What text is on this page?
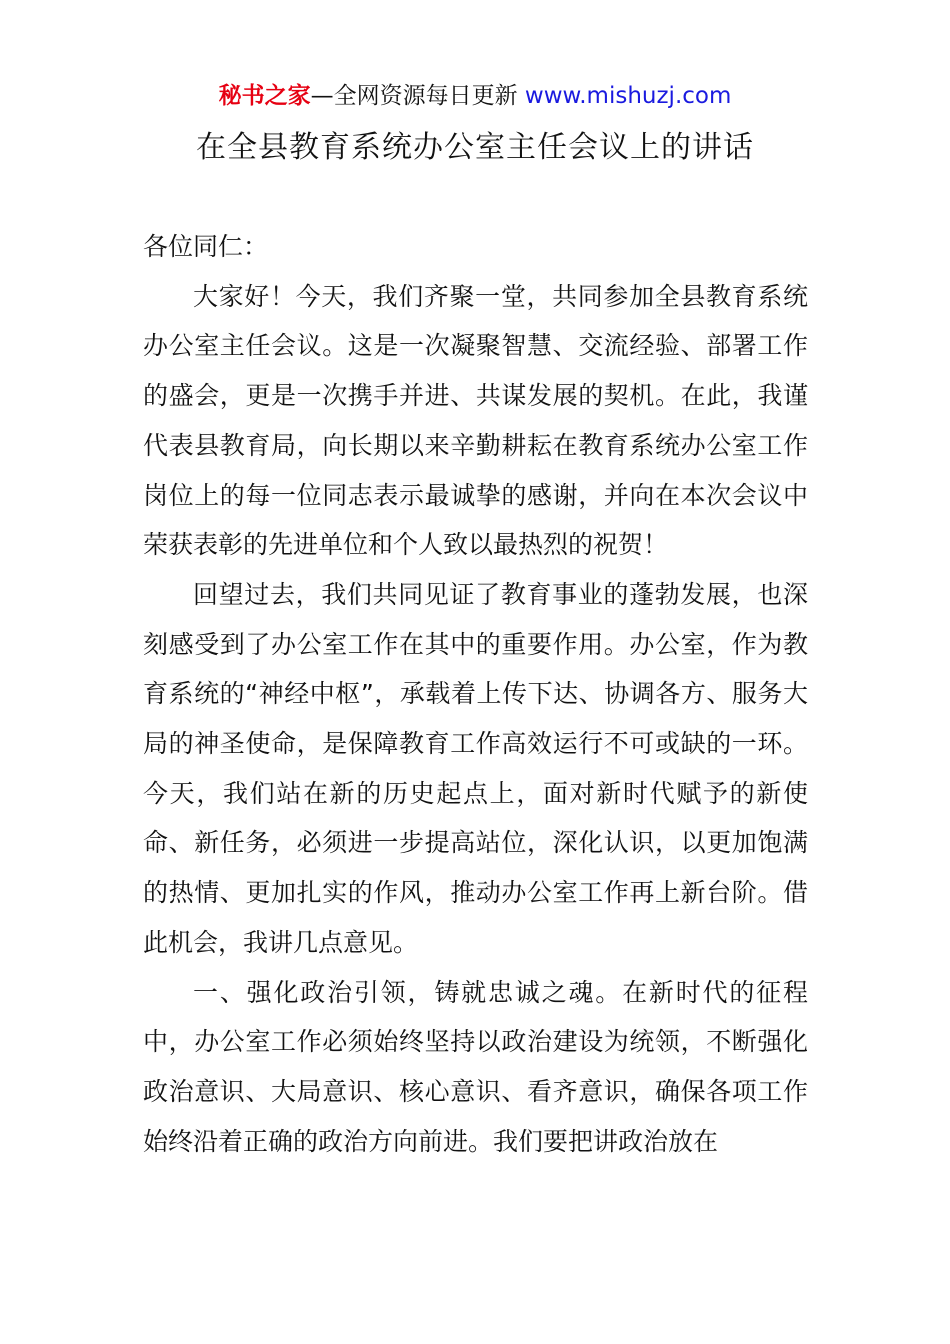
秘书之家—全网资源每日更新 www.mishuzj.com
在全县教育系统办公室主任会议上的讲话

各位同仁：

大家好！今天，我们齐聚一堂，共同参加全县教育系统办公室主任会议。这是一次凝聚智慧、交流经验、部署工作的盛会，更是一次携手并进、共谋发展的契机。在此，我谨代表县教育局，向长期以来辛勤耕耘在教育系统办公室工作岗位上的每一位同志表示最诚挚的感谢，并向在本次会议中荣获表彰的先进单位和个人致以最热烈的祝贺！

回望过去，我们共同见证了教育事业的蓬勃发展，也深刻感受到了办公室工作在其中的重要作用。办公室，作为教育系统的“神经中枢”，承载着上传下达、协调各方、服务大局的神圣使命，是保障教育工作高效运行不可或缺的一环。今天，我们站在新的历史起点上，面对新时代赋予的新使命、新任务，必须进一步提高站位，深化认识，以更加饱满的热情、更加扎实的作风，推动办公室工作再上新台阶。借此机会，我讲几点意见。

一、强化政治引领，铸就忠诚之魂。在新时代的征程中，办公室工作必须始终坚持以政治建设为统领，不断强化政治意识、大局意识、核心意识、看齐意识，确保各项工作始终沿着正确的政治方向前进。我们要把讲政治放在
